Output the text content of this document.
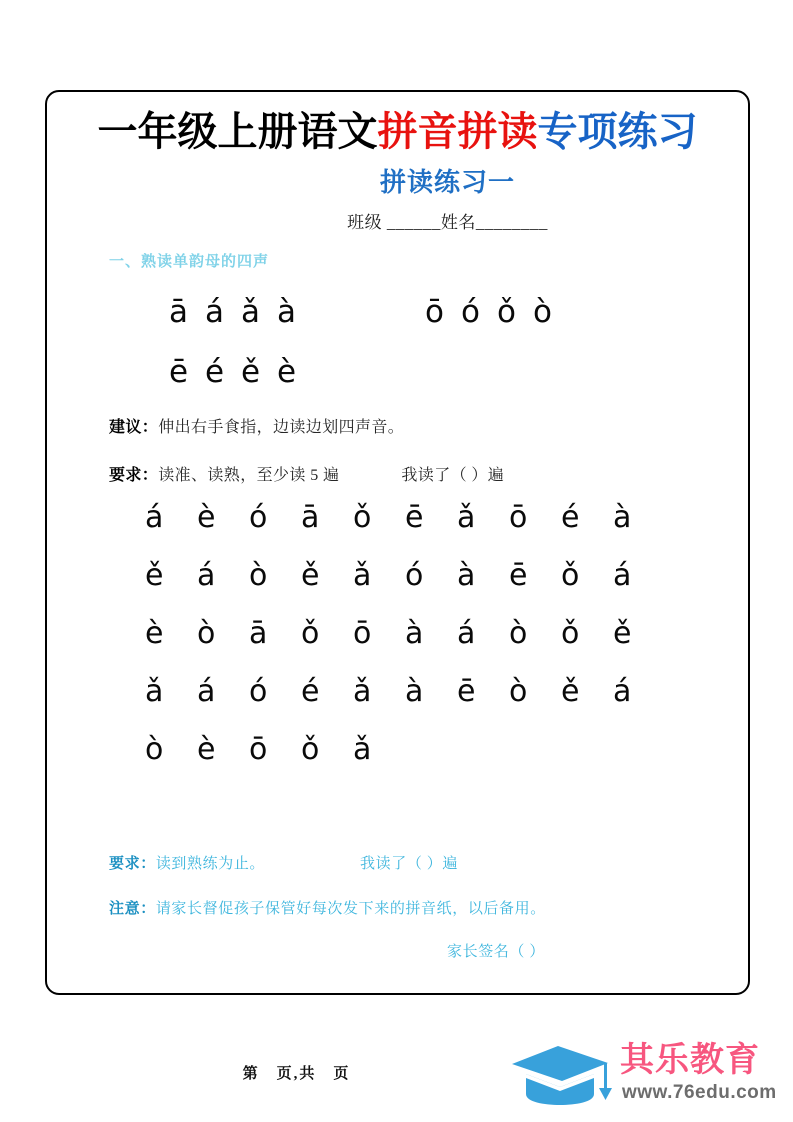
一年级上册语文拼音拼读专项练习
拼读练习一
班级 ______姓名________
一、熟读单韵母的四声
ā á ǎ à	ō ó ǒ ò
ē é ě è
建议：伸出右手食指，边读边划四声音。
要求：读准、读熟，至少读 5 遍	我读了（ ）遍
á è ó ā ǒ ē ǎ ō é à
ě á ò ě ǎ ó à ē ǒ á
è ò ā ǒ ō à á ò ǒ ě
ǎ á ó é ǎ à ē ò ě á
ò è ō ǒ ǎ
要求：读到熟练为止。	我读了（ ）遍
注意：请家长督促孩子保管好每次发下来的拼音纸，以后备用。
家长签名（ ）
第　页,共　页	其乐教育
www.76edu.com
